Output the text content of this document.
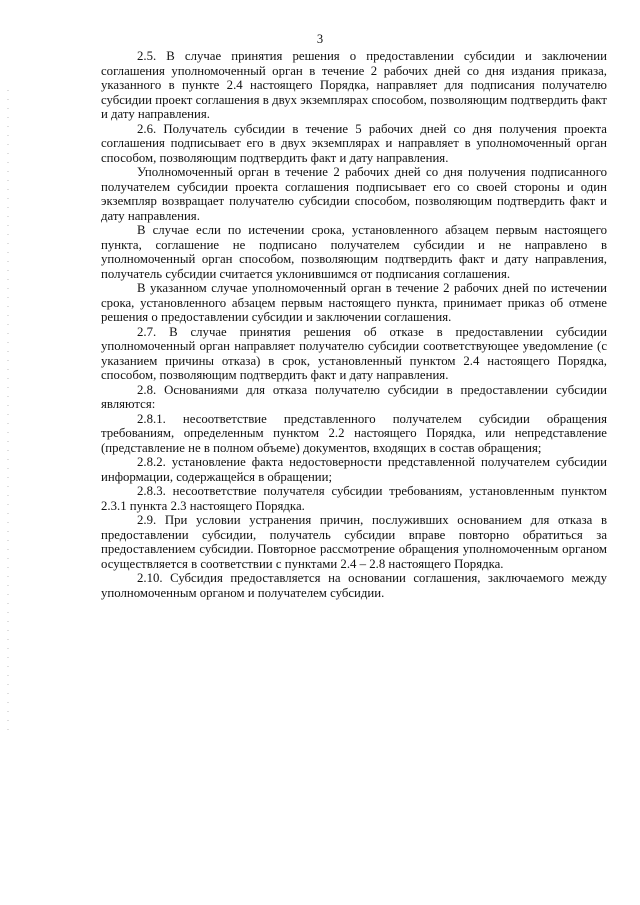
3

2.5. В случае принятия решения о предоставлении субсидии и заключении соглашения уполномоченный орган в течение 2 рабочих дней со дня издания приказа, указанного в пункте 2.4 настоящего Порядка, направляет для подписания получателю субсидии проект соглашения в двух экземплярах способом, позволяющим подтвердить факт и дату направления.

2.6. Получатель субсидии в течение 5 рабочих дней со дня получения проекта соглашения подписывает его в двух экземплярах и направляет в уполномоченный орган способом, позволяющим подтвердить факт и дату направления.

Уполномоченный орган в течение 2 рабочих дней со дня получения подписанного получателем субсидии проекта соглашения подписывает его со своей стороны и один экземпляр возвращает получателю субсидии способом, позволяющим подтвердить факт и дату направления.

В случае если по истечении срока, установленного абзацем первым настоящего пункта, соглашение не подписано получателем субсидии и не направлено в уполномоченный орган способом, позволяющим подтвердить факт и дату направления, получатель субсидии считается уклонившимся от подписания соглашения.

В указанном случае уполномоченный орган в течение 2 рабочих дней по истечении срока, установленного абзацем первым настоящего пункта, принимает приказ об отмене решения о предоставлении субсидии и заключении соглашения.

2.7. В случае принятия решения об отказе в предоставлении субсидии уполномоченный орган направляет получателю субсидии соответствующее уведомление (с указанием причины отказа) в срок, установленный пунктом 2.4 настоящего Порядка, способом, позволяющим подтвердить факт и дату направления.

2.8. Основаниями для отказа получателю субсидии в предоставлении субсидии являются:

2.8.1. несоответствие представленного получателем субсидии обращения требованиям, определенным пунктом 2.2 настоящего Порядка, или непредставление (представление не в полном объеме) документов, входящих в состав обращения;

2.8.2. установление факта недостоверности представленной получателем субсидии информации, содержащейся в обращении;

2.8.3. несоответствие получателя субсидии требованиям, установленным пунктом 2.3.1 пункта 2.3 настоящего Порядка.

2.9. При условии устранения причин, послуживших основанием для отказа в предоставлении субсидии, получатель субсидии вправе повторно обратиться за предоставлением субсидии. Повторное рассмотрение обращения уполномоченным органом осуществляется в соответствии с пунктами 2.4 – 2.8 настоящего Порядка.

2.10. Субсидия предоставляется на основании соглашения, заключаемого между уполномоченным органом и получателем субсидии.
